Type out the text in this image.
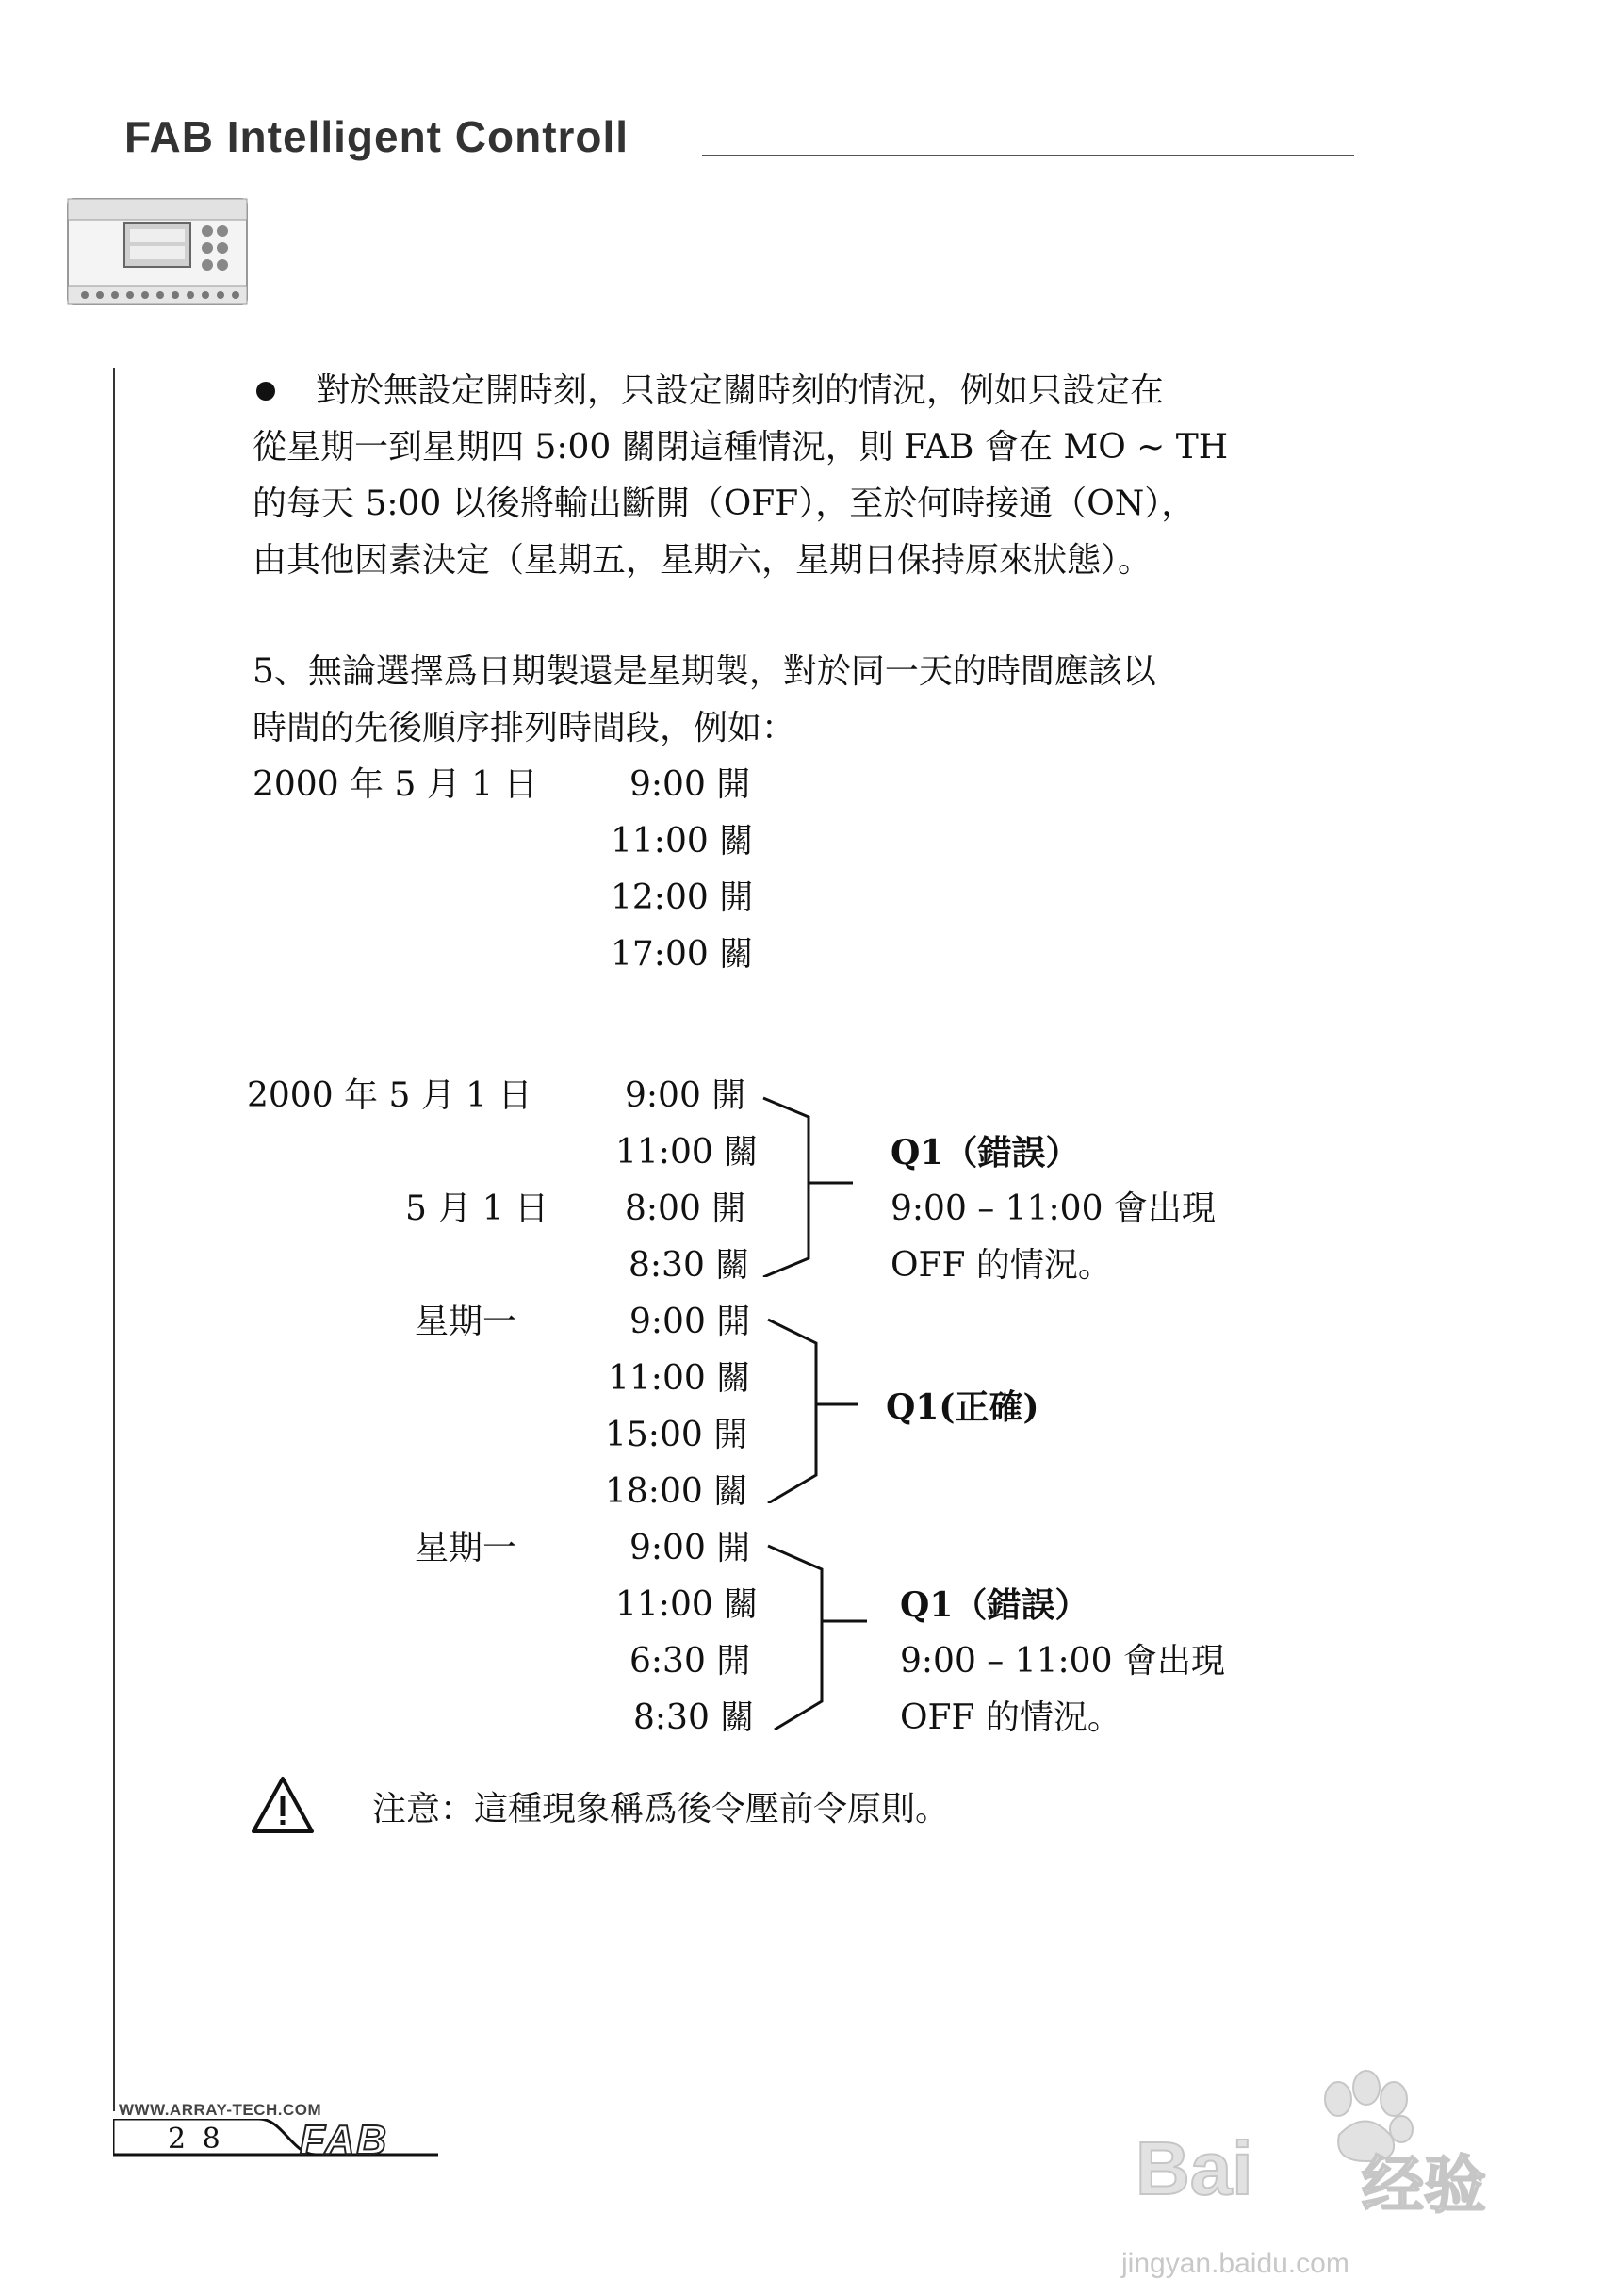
FAB Intelligent Controll
對於無設定開時刻，只設定關時刻的情況，例如只設定在
從星期一到星期四 5:00 關閉這種情況，則 FAB 會在 MO ~ TH
的每天 5:00 以後將輸出斷開（OFF），至於何時接通（ON），
由其他因素決定（星期五，星期六，星期日保持原來狀態）。
5、無論選擇爲日期製還是星期製，對於同一天的時間應該以
時間的先後順序排列時間段，例如：
2000 年 5 月 1 日	9:00 開
11:00 關
12:00 開
17:00 關
2000 年 5 月 1 日	9:00 開
11:00 關
5 月 1 日 8:00 開
8:30 關
Q1（錯誤）
9:00 – 11:00 會出現
OFF 的情況。
星期一	9:00 開
11:00 關
15:00 開
18:00 關
Q1(正確)
星期一	9:00 開
11:00 關
6:30 開
8:30 關
Q1（錯誤）
9:00 – 11:00 會出現
OFF 的情況。
注意：這種現象稱爲後令壓前令原則。
WWW.ARRAY-TECH.COM
2 8 FAB	Bai 经验
jingyan.baidu.com
